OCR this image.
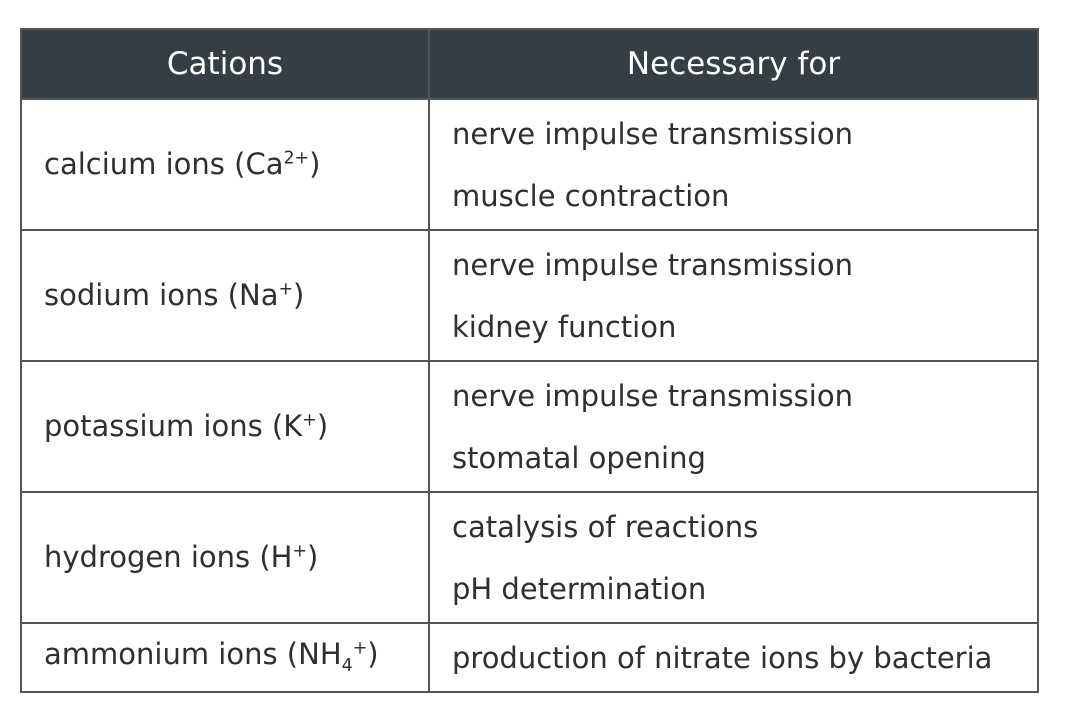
Cations	Necessary for
calcium ions $(Ca^{2+})$	nerve impulse transmission
muscle contraction

sodium ions (Na+)	nerve impulse transmission
kidney function

potassium ions (K+)	nerve impulse transmission
stomatal opening

hydrogen ions (H+)	catalysis of reactions
pH determination

ammonium ions $(NH_4^+)$	production of nitrate ions by bacteria
